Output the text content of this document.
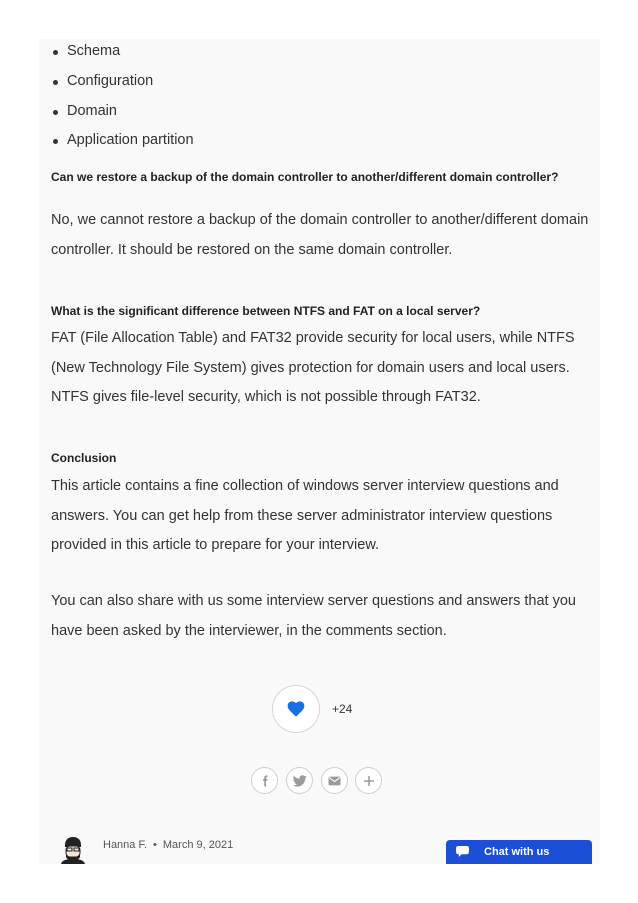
Schema
Configuration
Domain
Application partition
Can we restore a backup of the domain controller to another/different domain controller?
No, we cannot restore a backup of the domain controller to another/different domain controller. It should be restored on the same domain controller.
What is the significant difference between NTFS and FAT on a local server?
FAT (File Allocation Table) and FAT32 provide security for local users, while NTFS (New Technology File System) gives protection for domain users and local users. NTFS gives file-level security, which is not possible through FAT32.
Conclusion
This article contains a fine collection of windows server interview questions and answers. You can get help from these server administrator interview questions provided in this article to prepare for your interview.
You can also share with us some interview server questions and answers that you have been asked by the interviewer, in the comments section.
+24
Hanna F. • March 9, 2021
Chat with us
